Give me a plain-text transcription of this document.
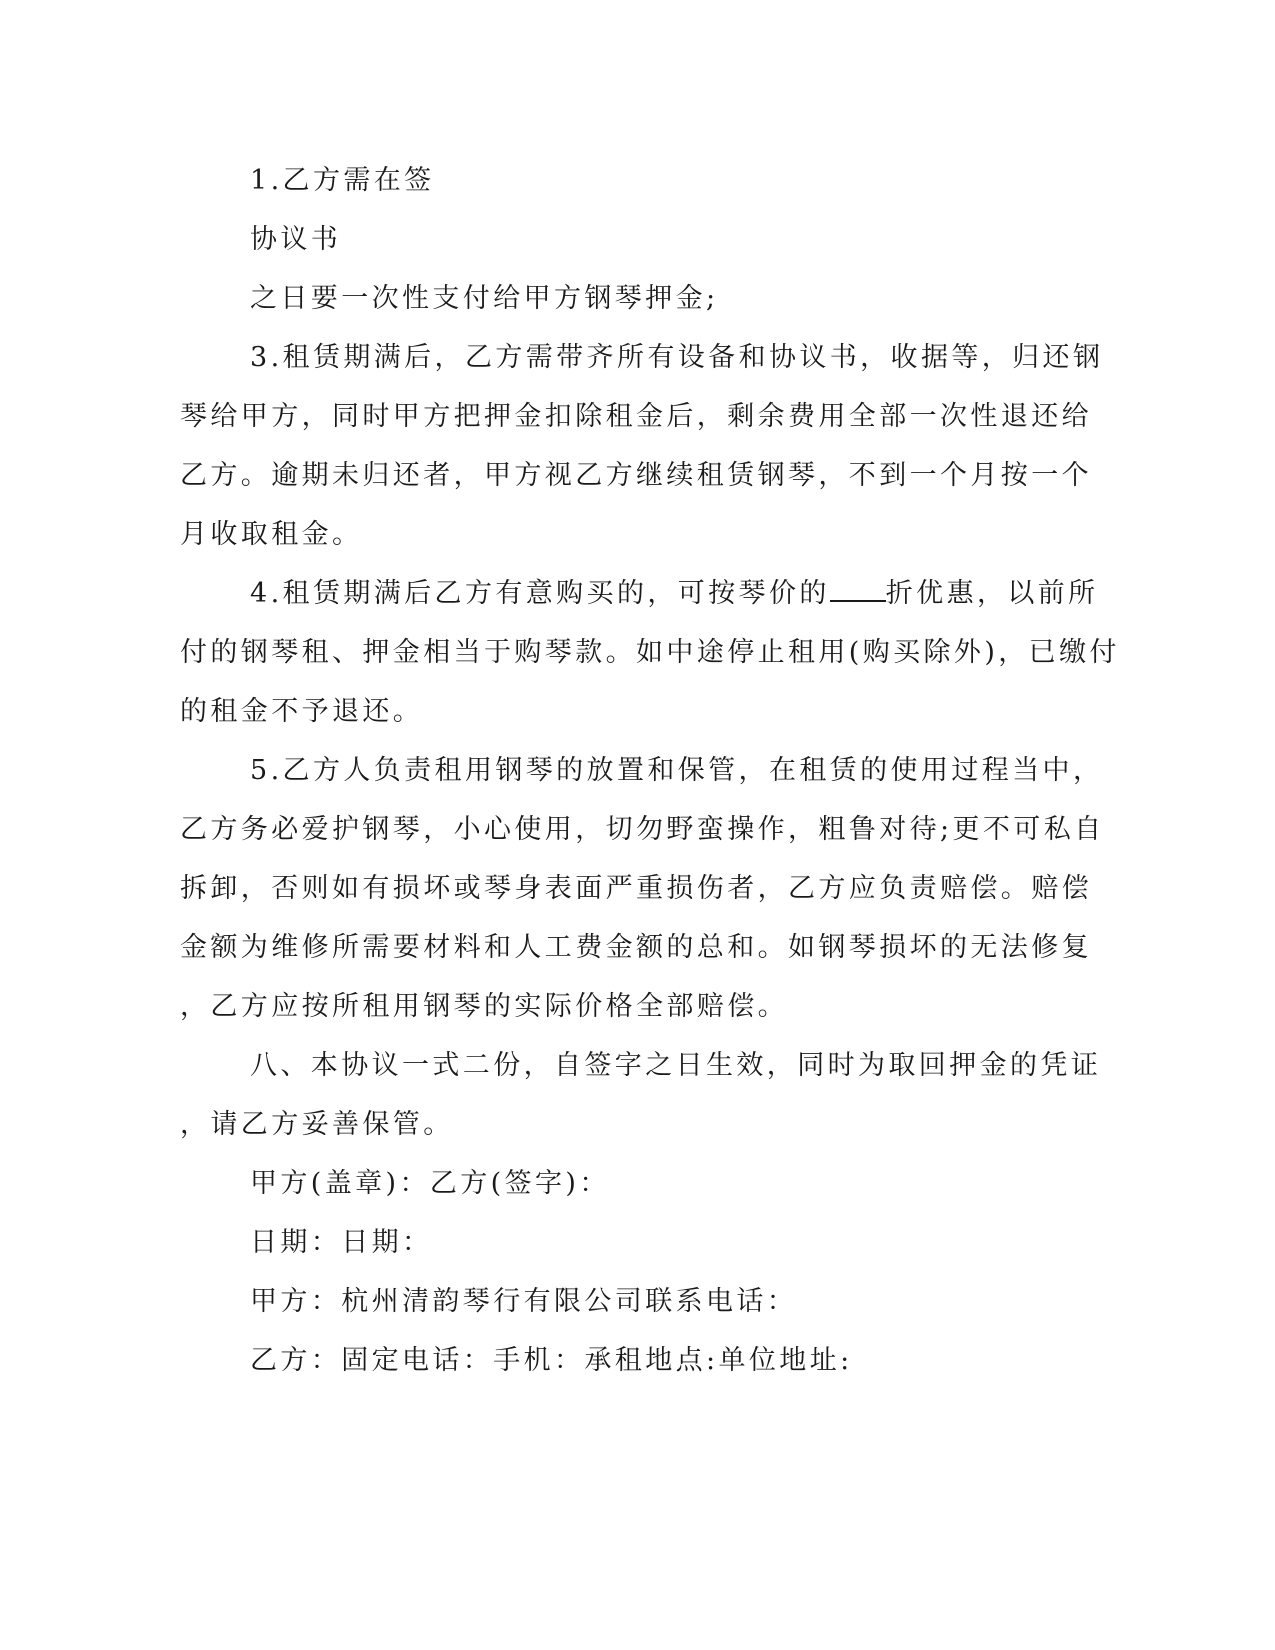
1.乙方需在签
协议书
之日要一次性支付给甲方钢琴押金;
3.租赁期满后，乙方需带齐所有设备和协议书，收据等，归还钢
琴给甲方，同时甲方把押金扣除租金后，剩余费用全部一次性退还给
乙方。逾期未归还者，甲方视乙方继续租赁钢琴，不到一个月按一个
月收取租金。
4.租赁期满后乙方有意购买的，可按琴价的 折优惠，以前所
付的钢琴租、押金相当于购琴款。如中途停止租用(购买除外)，已缴付
的租金不予退还。
5.乙方人负责租用钢琴的放置和保管，在租赁的使用过程当中，
乙方务必爱护钢琴，小心使用，切勿野蛮操作，粗鲁对待;更不可私自
拆卸，否则如有损坏或琴身表面严重损伤者，乙方应负责赔偿。赔偿
金额为维修所需要材料和人工费金额的总和。如钢琴损坏的无法修复
，乙方应按所租用钢琴的实际价格全部赔偿。
八、本协议一式二份，自签字之日生效，同时为取回押金的凭证
，请乙方妥善保管。
甲方(盖章)：乙方(签字)：
日期：日期：
甲方：杭州清韵琴行有限公司联系电话：
乙方：固定电话：手机：承租地点:单位地址:
